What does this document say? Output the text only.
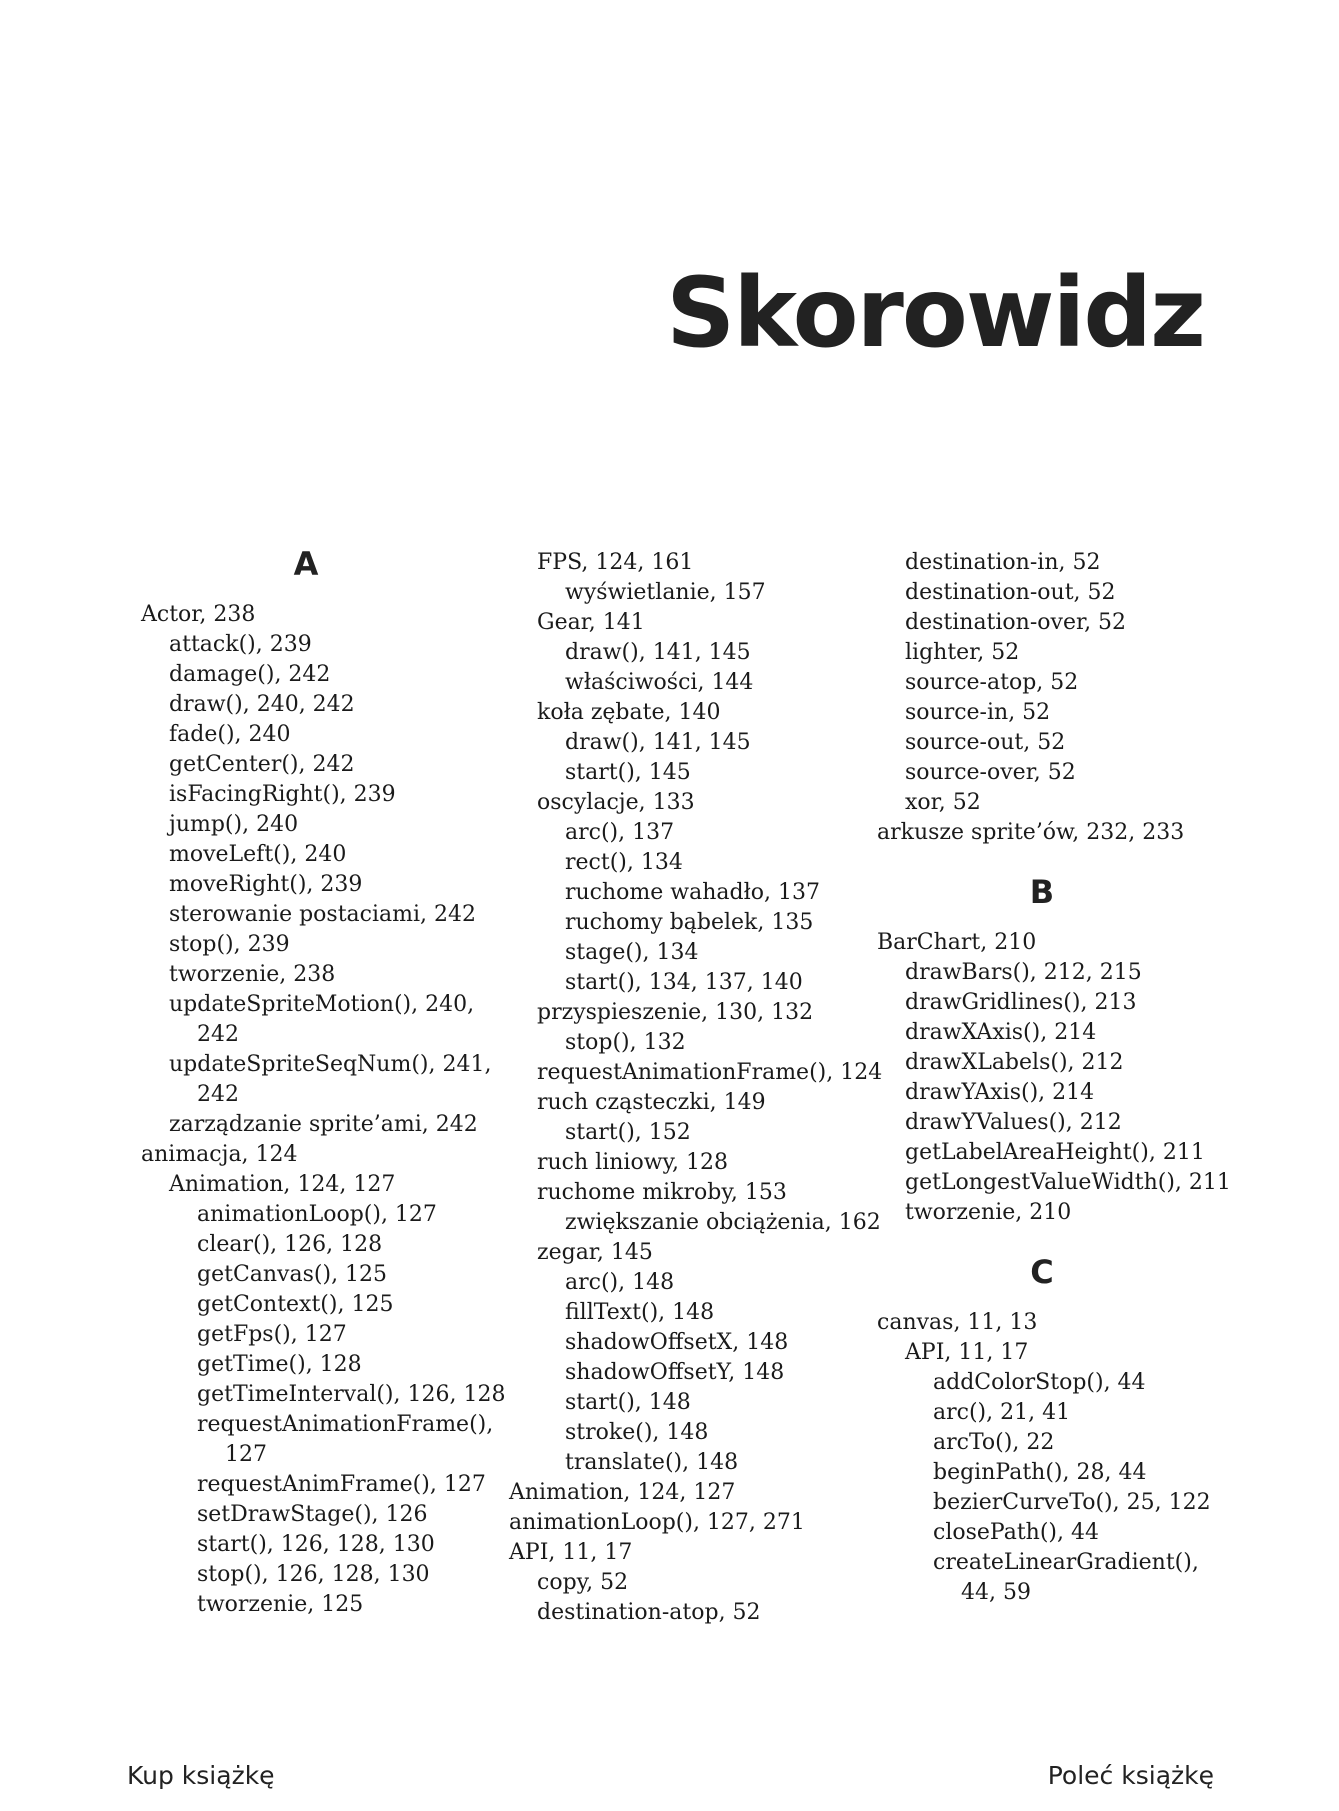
Skorowidz
A
Actor, 238
attack(), 239
damage(), 242
draw(), 240, 242
fade(), 240
getCenter(), 242
isFacingRight(), 239
jump(), 240
moveLeft(), 240
moveRight(), 239
sterowanie postaciami, 242
stop(), 239
tworzenie, 238
updateSpriteMotion(), 240,
242
updateSpriteSeqNum(), 241,
242
zarządzanie sprite’ami, 242
animacja, 124
Animation, 124, 127
animationLoop(), 127
clear(), 126, 128
getCanvas(), 125
getContext(), 125
getFps(), 127
getTime(), 128
getTimeInterval(), 126, 128
requestAnimationFrame(),
127
requestAnimFrame(), 127
setDrawStage(), 126
start(), 126, 128, 130
stop(), 126, 128, 130
tworzenie, 125
FPS, 124, 161
wyświetlanie, 157
Gear, 141
draw(), 141, 145
właściwości, 144
koła zębate, 140
draw(), 141, 145
start(), 145
oscylacje, 133
arc(), 137
rect(), 134
ruchome wahadło, 137
ruchomy bąbelek, 135
stage(), 134
start(), 134, 137, 140
przyspieszenie, 130, 132
stop(), 132
requestAnimationFrame(), 124
ruch cząsteczki, 149
start(), 152
ruch liniowy, 128
ruchome mikroby, 153
zwiększanie obciążenia, 162
zegar, 145
arc(), 148
fillText(), 148
shadowOffsetX, 148
shadowOffsetY, 148
start(), 148
stroke(), 148
translate(), 148
Animation, 124, 127
animationLoop(), 127, 271
API, 11, 17
copy, 52
destination-atop, 52
destination-in, 52
destination-out, 52
destination-over, 52
lighter, 52
source-atop, 52
source-in, 52
source-out, 52
source-over, 52
xor, 52
arkusze sprite’ów, 232, 233
B
BarChart, 210
drawBars(), 212, 215
drawGridlines(), 213
drawXAxis(), 214
drawXLabels(), 212
drawYAxis(), 214
drawYValues(), 212
getLabelAreaHeight(), 211
getLongestValueWidth(), 211
tworzenie, 210
C
canvas, 11, 13
API, 11, 17
addColorStop(), 44
arc(), 21, 41
arcTo(), 22
beginPath(), 28, 44
bezierCurveTo(), 25, 122
closePath(), 44
createLinearGradient(),
44, 59
Kup książkę	Poleć książkę
